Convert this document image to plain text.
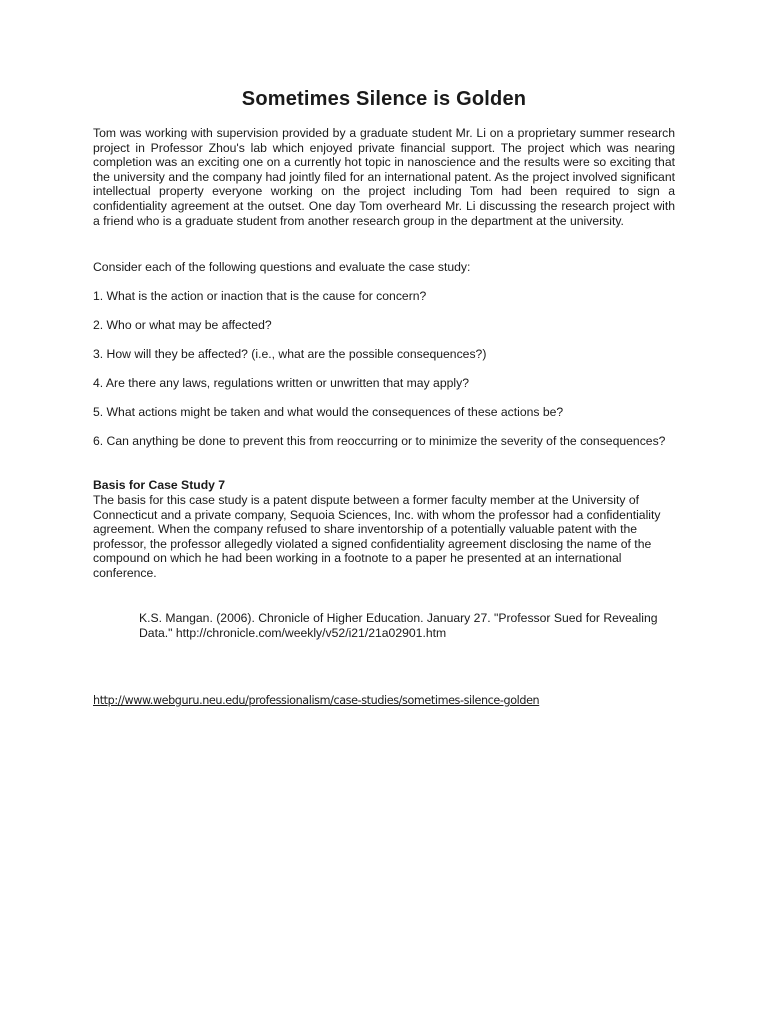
Sometimes Silence is Golden

Tom was working with supervision provided by a graduate student Mr. Li on a proprietary summer research project in Professor Zhou's lab which enjoyed private financial support. The project which was nearing completion was an exciting one on a currently hot topic in nanoscience and the results were so exciting that the university and the company had jointly filed for an international patent. As the project involved significant intellectual property everyone working on the project including Tom had been required to sign a confidentiality agreement at the outset. One day Tom overheard Mr. Li discussing the research project with a friend who is a graduate student from another research group in the department at the university.

Consider each of the following questions and evaluate the case study:

1. What is the action or inaction that is the cause for concern?

2. Who or what may be affected?

3. How will they be affected? (i.e., what are the possible consequences?)

4. Are there any laws, regulations written or unwritten that may apply?

5. What actions might be taken and what would the consequences of these actions be?

6. Can anything be done to prevent this from reoccurring or to minimize the severity of the consequences?

Basis for Case Study 7

The basis for this case study is a patent dispute between a former faculty member at the University of Connecticut and a private company, Sequoia Sciences, Inc. with whom the professor had a confidentiality agreement. When the company refused to share inventorship of a potentially valuable patent with the professor, the professor allegedly violated a signed confidentiality agreement disclosing the name of the compound on which he had been working in a footnote to a paper he presented at an international conference.

K.S. Mangan. (2006). Chronicle of Higher Education. January 27. "Professor Sued for Revealing Data." http://chronicle.com/weekly/v52/i21/21a02901.htm

http://www.webguru.neu.edu/professionalism/case-studies/sometimes-silence-golden
